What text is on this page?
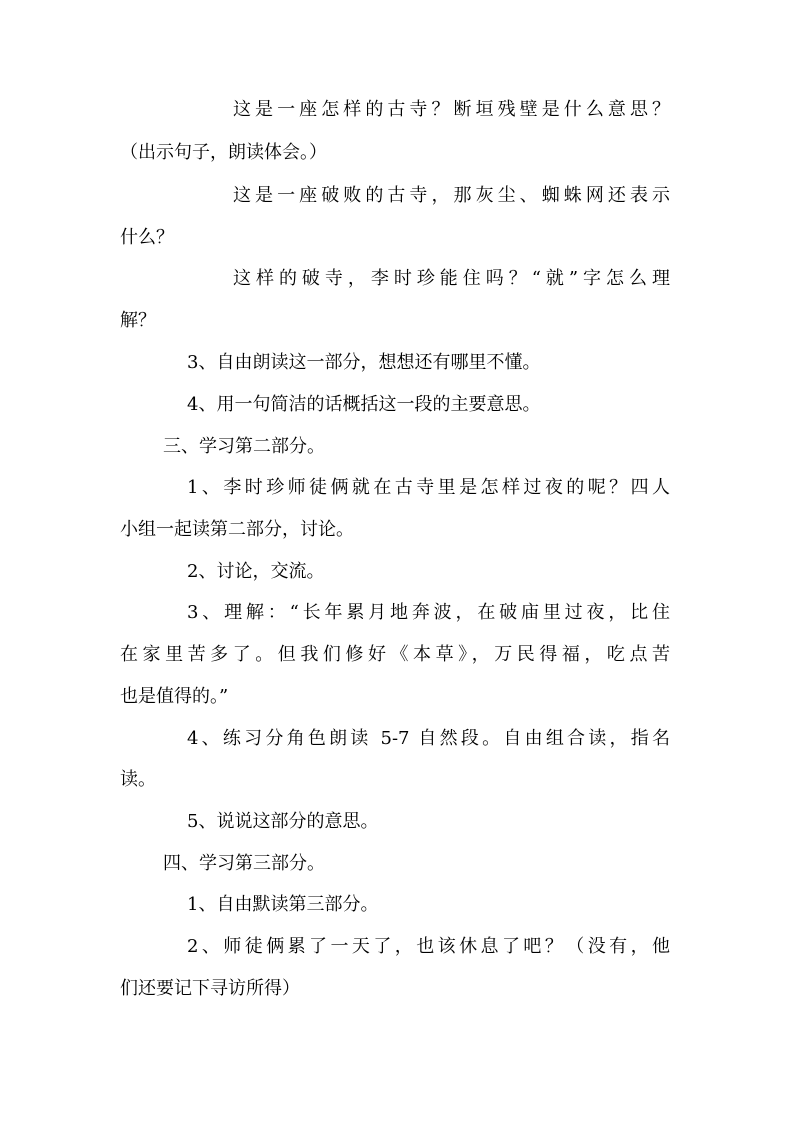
这是一座怎样的古寺？断垣残壁是什么意思？
（出示句子，朗读体会。）
这是一座破败的古寺，那灰尘、蜘蛛网还表示
什么？
这样的破寺，李时珍能住吗？“就”字怎么理
解？
3、自由朗读这一部分，想想还有哪里不懂。
4、用一句简洁的话概括这一段的主要意思。
三、学习第二部分。
1、李时珍师徒俩就在古寺里是怎样过夜的呢？四人
小组一起读第二部分，讨论。
2、讨论，交流。
3、理解：“长年累月地奔波，在破庙里过夜，比住
在家里苦多了。但我们修好《本草》，万民得福，吃点苦
也是值得的。”
4、练习分角色朗读 5-7 自然段。自由组合读，指名
读。
5、说说这部分的意思。
四、学习第三部分。
1、自由默读第三部分。
2、师徒俩累了一天了，也该休息了吧？（没有，他
们还要记下寻访所得）
